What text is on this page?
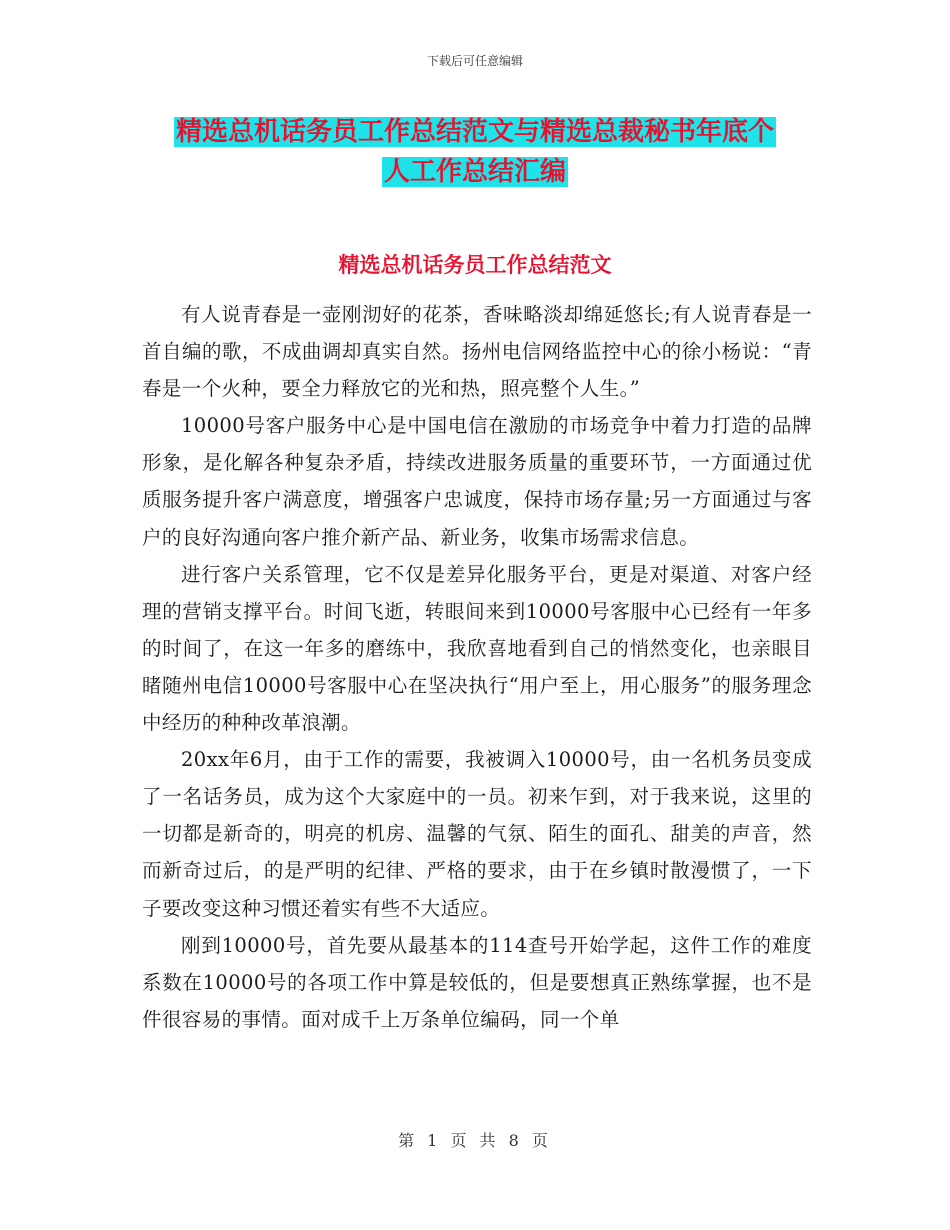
下载后可任意编辑
精选总机话务员工作总结范文与精选总裁秘书年底个
人工作总结汇编
精选总机话务员工作总结范文

有人说青春是一壶刚沏好的花茶，香味略淡却绵延悠长;有人说青春是一首自编的歌，不成曲调却真实自然。扬州电信网络监控中心的徐小杨说：“青春是一个火种，要全力释放它的光和热，照亮整个人生。”

10000号客户服务中心是中国电信在激励的市场竞争中着力打造的品牌形象，是化解各种复杂矛盾，持续改进服务质量的重要环节，一方面通过优质服务提升客户满意度，增强客户忠诚度，保持市场存量;另一方面通过与客户的良好沟通向客户推介新产品、新业务，收集市场需求信息。

进行客户关系管理，它不仅是差异化服务平台，更是对渠道、对客户经理的营销支撑平台。时间飞逝，转眼间来到10000号客服中心已经有一年多的时间了，在这一年多的磨练中，我欣喜地看到自己的悄然变化，也亲眼目睹随州电信10000号客服中心在坚决执行“用户至上，用心服务”的服务理念中经历的种种改革浪潮。

20xx年6月，由于工作的需要，我被调入10000号，由一名机务员变成了一名话务员，成为这个大家庭中的一员。初来乍到，对于我来说，这里的一切都是新奇的，明亮的机房、温馨的气氛、陌生的面孔、甜美的声音，然而新奇过后，的是严明的纪律、严格的要求，由于在乡镇时散漫惯了，一下子要改变这种习惯还着实有些不大适应。

刚到10000号，首先要从最基本的114查号开始学起，这件工作的难度系数在10000号的各项工作中算是较低的，但是要想真正熟练掌握，也不是件很容易的事情。面对成千上万条单位编码，同一个单

第 1 页 共 8 页
